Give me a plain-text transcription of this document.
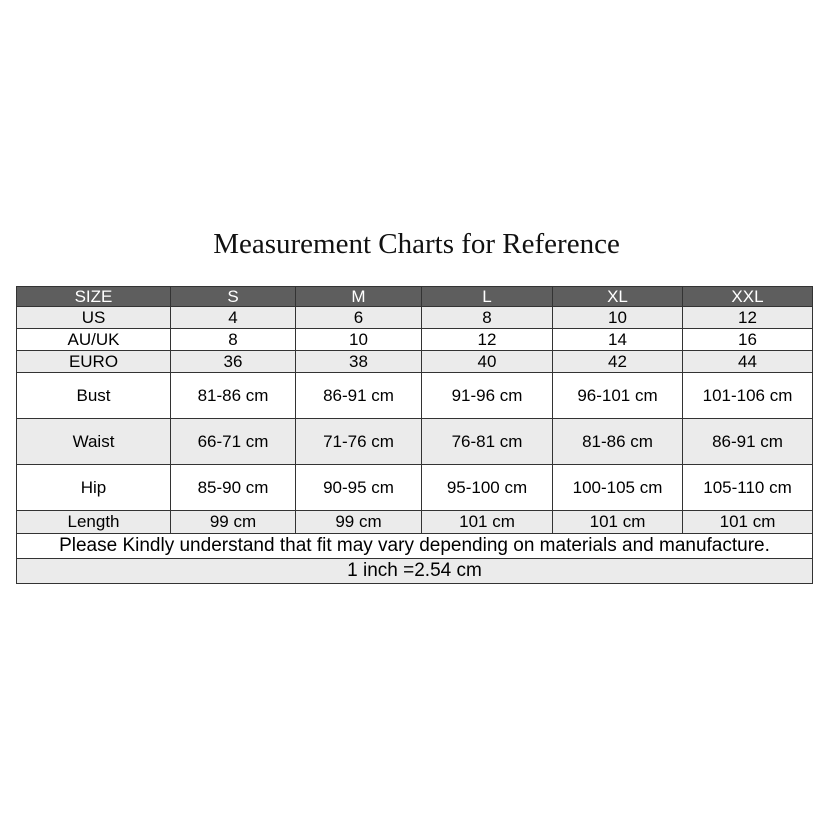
Measurement Charts for Reference
SIZE	S	M	L	XL	XXL
US	4	6	8	10	12
AU/UK	8	10	12	14	16
EURO	36	38	40	42	44
Bust	81-86 cm	86-91 cm	91-96 cm	96-101 cm	101-106 cm
Waist	66-71 cm	71-76 cm	76-81 cm	81-86 cm	86-91 cm
Hip	85-90 cm	90-95 cm	95-100 cm	100-105 cm	105-110 cm
Length	99 cm	99 cm	101 cm	101 cm	101 cm
Please Kindly understand that fit may vary depending on materials and manufacture.					
1 inch =2.54 cm					
